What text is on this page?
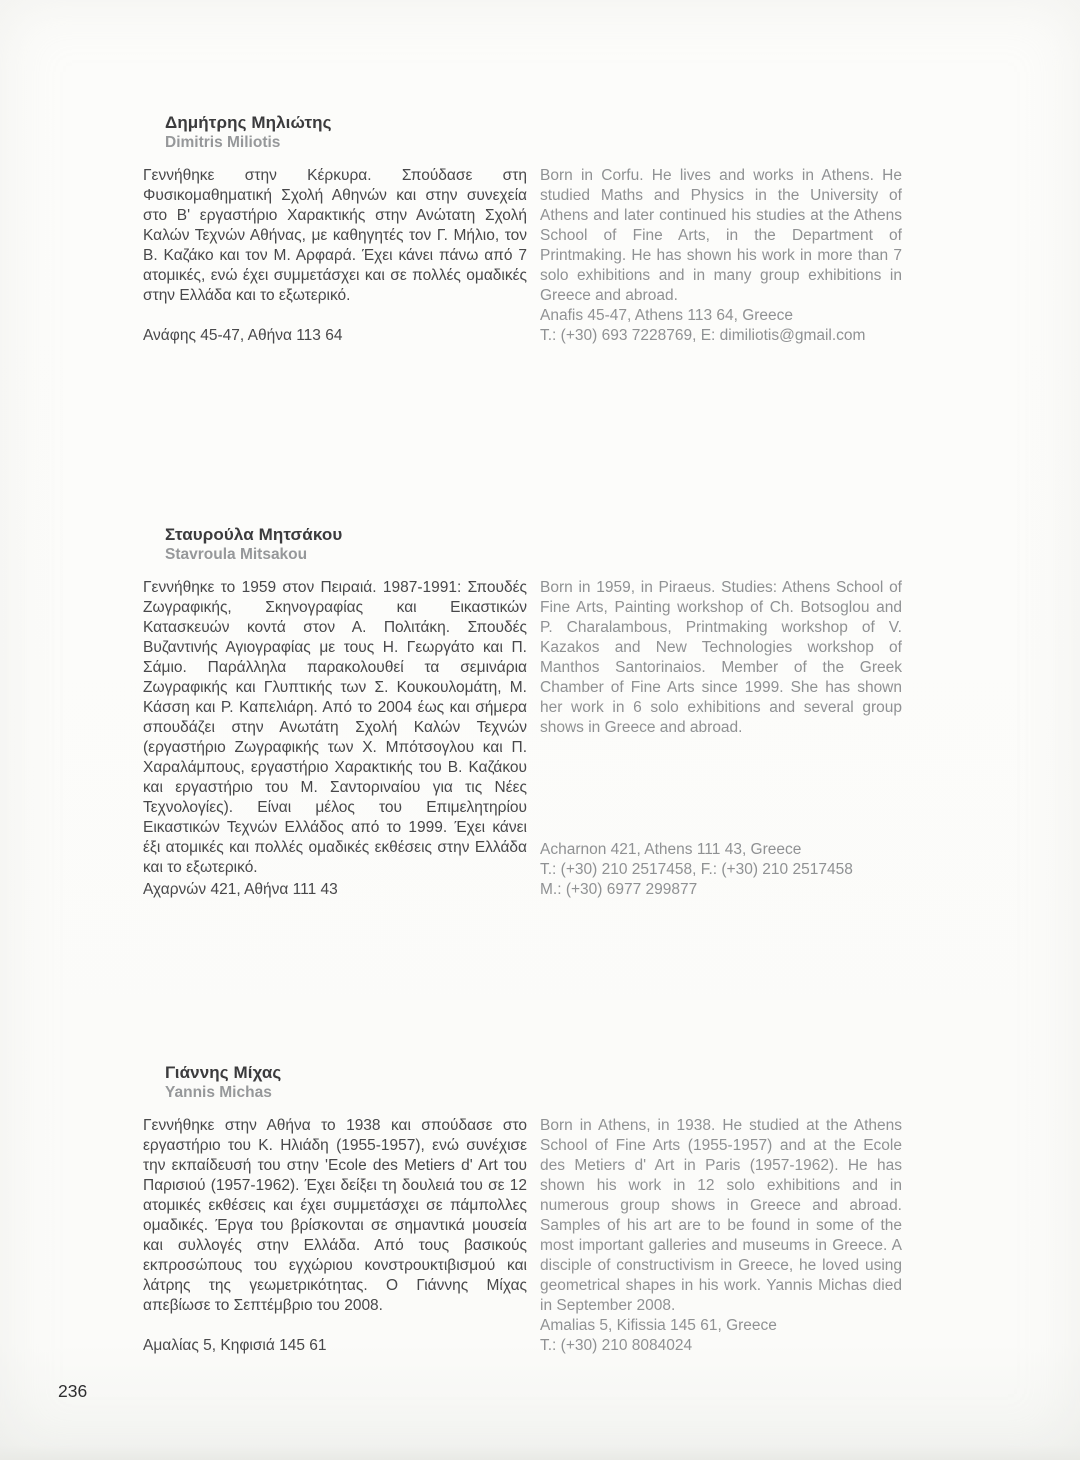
Δημήτρης Μηλιώτης
Dimitris Miliotis

Γεννήθηκε στην Κέρκυρα. Σπούδασε στη Φυσικομαθηματική Σχολή Αθηνών και στην συνεχεία στο Β' εργαστήριο Χαρακτικής στην Ανώτατη Σχολή Καλών Τεχνών Αθήνας, με καθηγητές τον Γ. Μήλιο, τον Β. Καζάκο και τον Μ. Αρφαρά. Έχει κάνει πάνω από 7 ατομικές, ενώ έχει συμμετάσχει και σε πολλές ομαδικές στην Ελλάδα και το εξωτερικό.

Ανάφης 45-47, Αθήνα 113 64

Born in Corfu. He lives and works in Athens. He studied Maths and Physics in the University of Athens and later continued his studies at the Athens School of Fine Arts, in the Department of Printmaking. He has shown his work in more than 7 solo exhibitions and in many group exhibitions in Greece and abroad.

Anafis 45-47, Athens 113 64, Greece
T.: (+30) 693 7228769, E: dimiliotis@gmail.com
Σταυρούλα Μητσάκου
Stavroula Mitsakou

Γεννήθηκε το 1959 στον Πειραιά. 1987-1991: Σπουδές Ζωγραφικής, Σκηνογραφίας και Εικαστικών Κατασκευών κοντά στον Α. Πολιτάκη. Σπουδές Βυζαντινής Αγιογραφίας με τους Η. Γεωργάτο και Π. Σάμιο. Παράλληλα παρακολουθεί τα σεμινάρια Ζωγραφικής και Γλυπτικής των Σ. Κουκουλομάτη, Μ. Κάσση και Ρ. Καπελιάρη. Από το 2004 έως και σήμερα σπουδάζει στην Ανωτάτη Σχολή Καλών Τεχνών (εργαστήριο Ζωγραφικής των Χ. Μπότσογλου και Π. Χαραλάμπους, εργαστήριο Χαρακτικής του Β. Καζάκου και εργαστήριο του Μ. Σαντοριναίου για τις Νέες Τεχνολογίες). Είναι μέλος του Επιμελητηρίου Εικαστικών Τεχνών Ελλάδος από το 1999. Έχει κάνει έξι ατομικές και πολλές ομαδικές εκθέσεις στην Ελλάδα και το εξωτερικό.

Αχαρνών 421, Αθήνα 111 43

Born in 1959, in Piraeus. Studies: Athens School of Fine Arts, Painting workshop of Ch. Botsoglou and P. Charalambous, Printmaking workshop of V. Kazakos and New Technologies workshop of Manthos Santorinaios. Member of the Greek Chamber of Fine Arts since 1999. She has shown her work in 6 solo exhibitions and several group shows in Greece and abroad.

Acharnon 421, Athens 111 43, Greece
T.: (+30) 210 2517458, F.: (+30) 210 2517458
M.: (+30) 6977 299877
Γιάννης Μίχας
Yannis Michas

Γεννήθηκε στην Αθήνα το 1938 και σπούδασε στο εργαστήριο του Κ. Ηλιάδη (1955-1957), ενώ συνέχισε την εκπαίδευσή του στην 'Ecole des Metiers d' Art του Παρισιού (1957-1962). Έχει δείξει τη δουλειά του σε 12 ατομικές εκθέσεις και έχει συμμετάσχει σε πάμπολλες ομαδικές. Έργα του βρίσκονται σε σημαντικά μουσεία και συλλογές στην Ελλάδα. Από τους βασικούς εκπροσώπους του εγχώριου κονστρουκτιβισμού και λάτρης της γεωμετρικότητας. Ο Γιάννης Μίχας απεβίωσε το Σεπτέμβριο του 2008.

Αμαλίας 5, Κηφισιά 145 61

Born in Athens, in 1938. He studied at the Athens School of Fine Arts (1955-1957) and at the Ecole des Metiers d' Art in Paris (1957-1962). He has shown his work in 12 solo exhibitions and in numerous group shows in Greece and abroad. Samples of his art are to be found in some of the most important galleries and museums in Greece. A disciple of constructivism in Greece, he loved using geometrical shapes in his work. Yannis Michas died in September 2008.

Amalias 5, Kifissia 145 61, Greece
T.: (+30) 210 8084024
236
